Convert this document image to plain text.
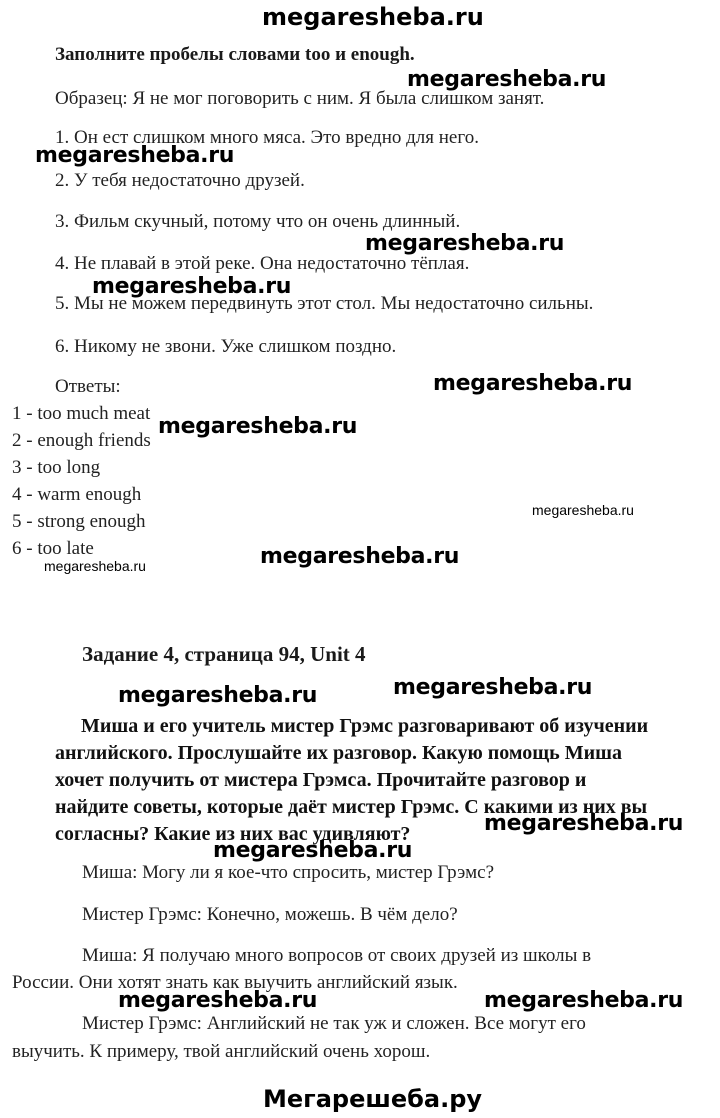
megaresheba.ru
Заполните пробелы словами too и enough.
Образец: Я не мог поговорить с ним. Я была слишком занят.
1. Он ест слишком много мяса. Это вредно для него.
2. У тебя недостаточно друзей.
3. Фильм скучный, потому что он очень длинный.
4. Не плавай в этой реке. Она недостаточно тёплая.
5. Мы не можем передвинуть этот стол. Мы недостаточно сильны.
6. Никому не звони. Уже слишком поздно.
Ответы:
1 - too much meat
2 - enough friends
3 - too long
4 - warm enough
5 - strong enough
6 - too late
Задание 4, страница 94, Unit 4
Миша и его учитель мистер Грэмс разговаривают об изучении английского. Прослушайте их разговор. Какую помощь Миша хочет получить от мистера Грэмса. Прочитайте разговор и найдите советы, которые даёт мистер Грэмс. С какими из них вы согласны? Какие из них вас удивляют?
Миша: Могу ли я кое-что спросить, мистер Грэмс?
Мистер Грэмс: Конечно, можешь. В чём дело?
Миша: Я получаю много вопросов от своих друзей из школы в
России. Они хотят знать как выучить английский язык.
Мистер Грэмс: Английский не так уж и сложен. Все могут его
выучить. К примеру, твой английский очень хорош.
megaresheba.ru
megaresheba.ru
megaresheba.ru
megaresheba.ru
megaresheba.ru
megaresheba.ru
megaresheba.ru
megaresheba.ru
megaresheba.ru
megaresheba.ru	megaresheba.ru
megaresheba.ru
megaresheba.ru
megaresheba.ru	megaresheba.ru
Мегарешеба.ру
